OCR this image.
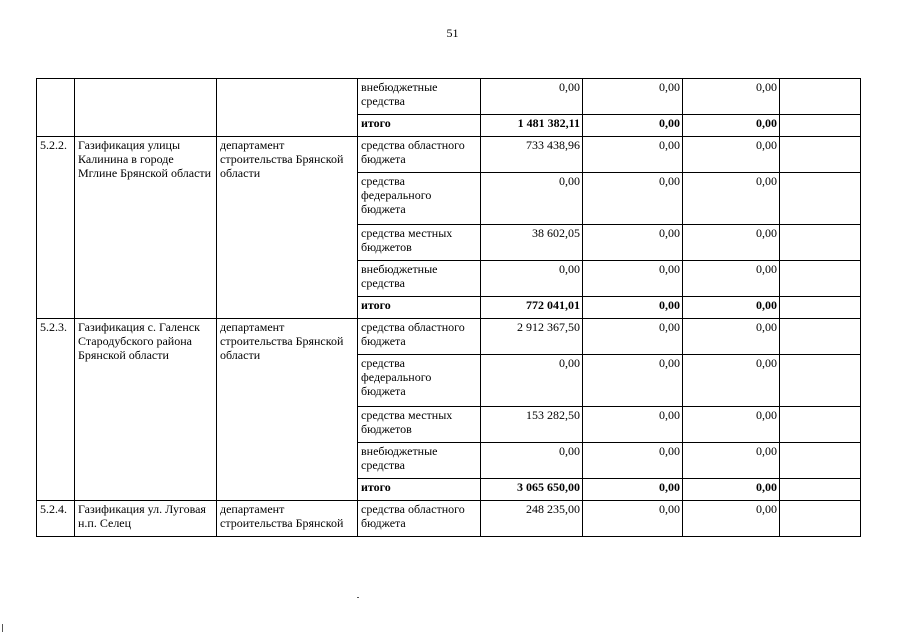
51
			внебюджетные средства	0,00	0,00	0,00	
			итого	1 481 382,11	0,00	0,00	
5.2.2.	Газификация улицы Калинина в городе Мглине Брянской области	департамент строительства Брянской области	средства областного бюджета	733 438,96	0,00	0,00	
			средства федерального бюджета	0,00	0,00	0,00	
			средства местных бюджетов	38 602,05	0,00	0,00	
			внебюджетные средства	0,00	0,00	0,00	
			итого	772 041,01	0,00	0,00	
5.2.3.	Газификация с. Галенск Стародубского района Брянской области	департамент строительства Брянской области	средства областного бюджета	2 912 367,50	0,00	0,00	
			средства федерального бюджета	0,00	0,00	0,00	
			средства местных бюджетов	153 282,50	0,00	0,00	
			внебюджетные средства	0,00	0,00	0,00	
			итого	3 065 650,00	0,00	0,00	
5.2.4.	Газификация ул. Луговая н.п. Селец	департамент строительства Брянской	средства областного бюджета	248 235,00	0,00	0,00	
